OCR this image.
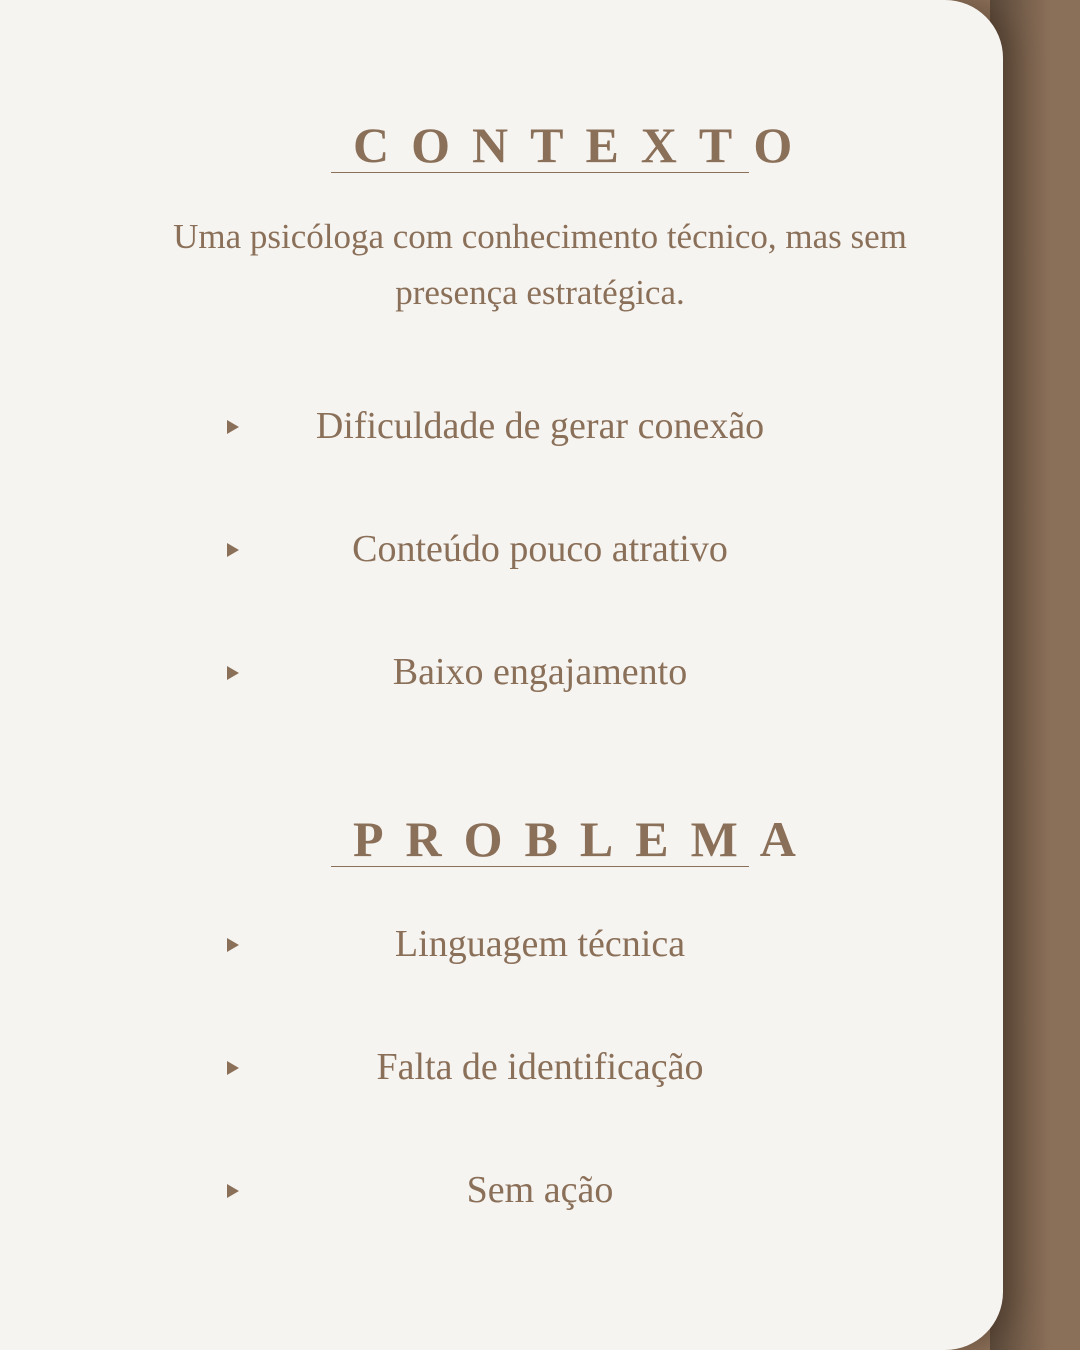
CONTEXTO

Uma psicóloga com conhecimento técnico, mas sem presença estratégica.

Dificuldade de gerar conexão
Conteúdo pouco atrativo
Baixo engajamento
PROBLEMA
Linguagem técnica
Falta de identificação
Sem ação
